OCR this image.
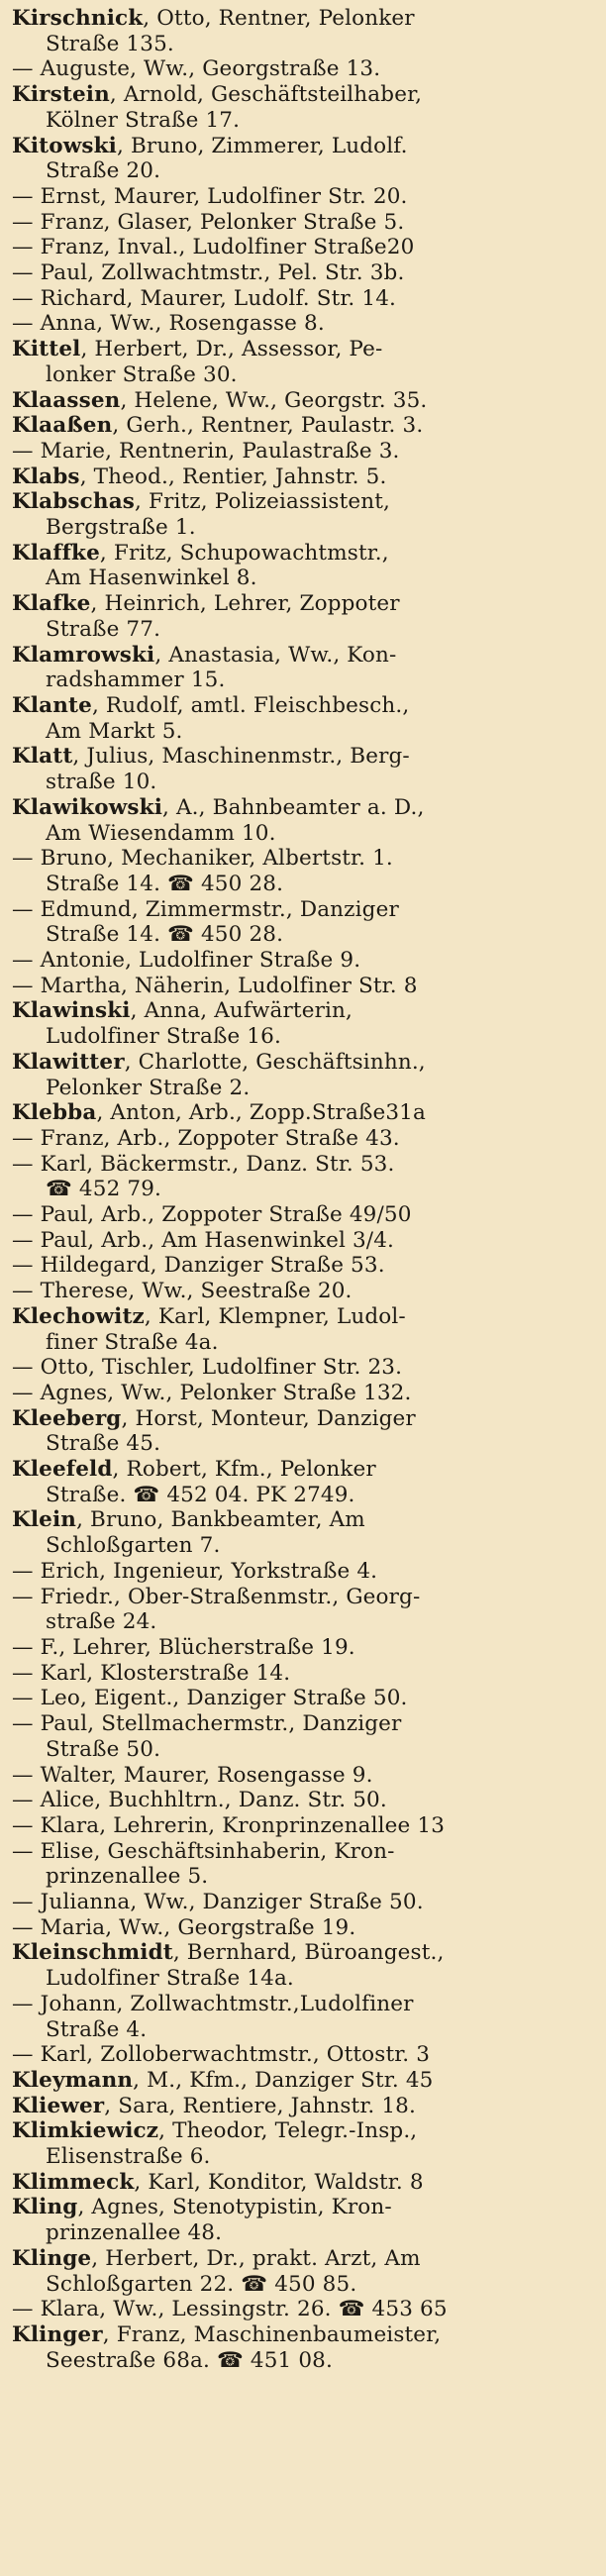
Kirschnick, Otto, Rentner, Pelonker
Straße 135.
— Auguste, Ww., Georgstraße 13.
Kirstein, Arnold, Geschäftsteilhaber,
Kölner Straße 17.
Kitowski, Bruno, Zimmerer, Ludolf.
Straße 20.
— Ernst, Maurer, Ludolfiner Str. 20.
— Franz, Glaser, Pelonker Straße 5.
— Franz, Inval., Ludolfiner Straße20
— Paul, Zollwachtmstr., Pel. Str. 3b.
— Richard, Maurer, Ludolf. Str. 14.
— Anna, Ww., Rosengasse 8.
Kittel, Herbert, Dr., Assessor, Pe-
lonker Straße 30.
Klaassen, Helene, Ww., Georgstr. 35.
Klaaßen, Gerh., Rentner, Paulastr. 3.
— Marie, Rentnerin, Paulastraße 3.
Klabs, Theod., Rentier, Jahnstr. 5.
Klabschas, Fritz, Polizeiassistent,
Bergstraße 1.
Klaffke, Fritz, Schupowachtmstr.,
Am Hasenwinkel 8.
Klafke, Heinrich, Lehrer, Zoppoter
Straße 77.
Klamrowski, Anastasia, Ww., Kon-
radshammer 15.
Klante, Rudolf, amtl. Fleischbesch.,
Am Markt 5.
Klatt, Julius, Maschinenmstr., Berg-
straße 10.
Klawikowski, A., Bahnbeamter a. D.,
Am Wiesendamm 10.
— Bruno, Mechaniker, Albertstr. 1.
Straße 14. ☎ 450 28.
— Edmund, Zimmermstr., Danziger
Straße 14. ☎ 450 28.
— Antonie, Ludolfiner Straße 9.
— Martha, Näherin, Ludolfiner Str. 8
Klawinski, Anna, Aufwärterin,
Ludolfiner Straße 16.
Klawitter, Charlotte, Geschäftsinhn.,
Pelonker Straße 2.
Klebba, Anton, Arb., Zopp.Straße31a
— Franz, Arb., Zoppoter Straße 43.
— Karl, Bäckermstr., Danz. Str. 53.
☎ 452 79.
— Paul, Arb., Zoppoter Straße 49/50
— Paul, Arb., Am Hasenwinkel 3/4.
— Hildegard, Danziger Straße 53.
— Therese, Ww., Seestraße 20.
Klechowitz, Karl, Klempner, Ludol-
finer Straße 4a.
— Otto, Tischler, Ludolfiner Str. 23.
— Agnes, Ww., Pelonker Straße 132.
Kleeberg, Horst, Monteur, Danziger
Straße 45.
Kleefeld, Robert, Kfm., Pelonker
Straße. ☎ 452 04. PK 2749.
Klein, Bruno, Bankbeamter, Am
Schloßgarten 7.
— Erich, Ingenieur, Yorkstraße 4.
— Friedr., Ober-Straßenmstr., Georg-
straße 24.
— F., Lehrer, Blücherstraße 19.
— Karl, Klosterstraße 14.
— Leo, Eigent., Danziger Straße 50.
— Paul, Stellmachermstr., Danziger
Straße 50.
— Walter, Maurer, Rosengasse 9.
— Alice, Buchhltrn., Danz. Str. 50.
— Klara, Lehrerin, Kronprinzenallee 13
— Elise, Geschäftsinhaberin, Kron-
prinzenallee 5.
— Julianna, Ww., Danziger Straße 50.
— Maria, Ww., Georgstraße 19.
Kleinschmidt, Bernhard, Büroangest.,
Ludolfiner Straße 14a.
— Johann, Zollwachtmstr.,Ludolfiner
Straße 4.
— Karl, Zolloberwachtmstr., Ottostr. 3
Kleymann, M., Kfm., Danziger Str. 45
Kliewer, Sara, Rentiere, Jahnstr. 18.
Klimkiewicz, Theodor, Telegr.-Insp.,
Elisenstraße 6.
Klimmeck, Karl, Konditor, Waldstr. 8
Kling, Agnes, Stenotypistin, Kron-
prinzenallee 48.
Klinge, Herbert, Dr., prakt. Arzt, Am
Schloßgarten 22. ☎ 450 85.
— Klara, Ww., Lessingstr. 26. ☎ 453 65
Klinger, Franz, Maschinenbaumeister,
Seestraße 68a. ☎ 451 08.
